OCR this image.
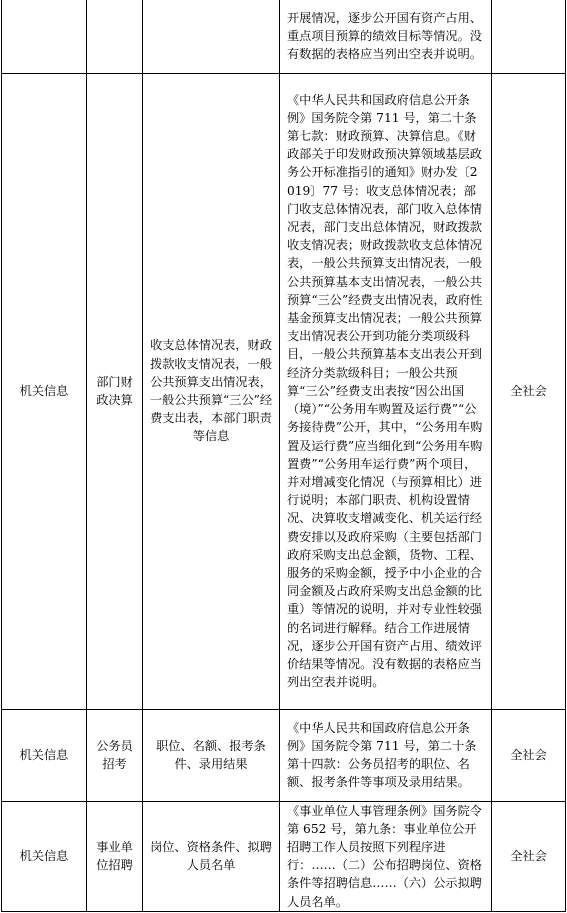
			开展情况，逐步公开国有资产占用、重点项目预算的绩效目标等情况。没有数据的表格应当列出空表并说明。	

机关信息	部门财政决算	收支总体情况表，财政拨款收支情况表，一般公共预算支出情况表，一般公共预算“三公”经费支出表，本部门职责等信息	《中华人民共和国政府信息公开条例》国务院令第 711 号，第二十条第七款：财政预算、决算信息。《财政部关于印发财政预决算领域基层政务公开标准指引的通知》财办发〔2019〕77 号：收支总体情况表；部门收支总体情况表，部门收入总体情况表，部门支出总体情况，财政拨款收支情况表；财政拨款收支总体情况表，一般公共预算支出情况表，一般公共预算基本支出情况表，一般公共预算“三公”经费支出情况表，政府性基金预算支出情况表；一般公共预算支出情况表公开到功能分类项级科目，一般公共预算基本支出表公开到经济分类款级科目；一般公共预算“三公”经费支出表按“因公出国（境）”“公务用车购置及运行费”“公务接待费”公开，其中，“公务用车购置及运行费”应当细化到“公务用车购置费”“公务用车运行费”两个项目，并对增减变化情况（与预算相比）进行说明；本部门职责、机构设置情况、决算收支增减变化、机关运行经费安排以及政府采购（主要包括部门政府采购支出总金额，货物、工程、服务的采购金额，授予中小企业的合同金额及占政府采购支出总金额的比重）等情况的说明，并对专业性较强的名词进行解释。结合工作进展情况，逐步公开国有资产占用、绩效评价结果等情况。没有数据的表格应当列出空表并说明。	全社会

机关信息	公务员招考	职位、名额、报考条件、录用结果	《中华人民共和国政府信息公开条例》国务院令第 711 号，第二十条第十四款：公务员招考的职位、名额、报考条件等事项及录用结果。	全社会

机关信息	事业单位招聘	岗位、资格条件、拟聘人员名单	《事业单位人事管理条例》国务院令第 652 号，第九条：事业单位公开招聘工作人员按照下列程序进行：……（二）公布招聘岗位、资格条件等招聘信息……（六）公示拟聘人员名单。	全社会
